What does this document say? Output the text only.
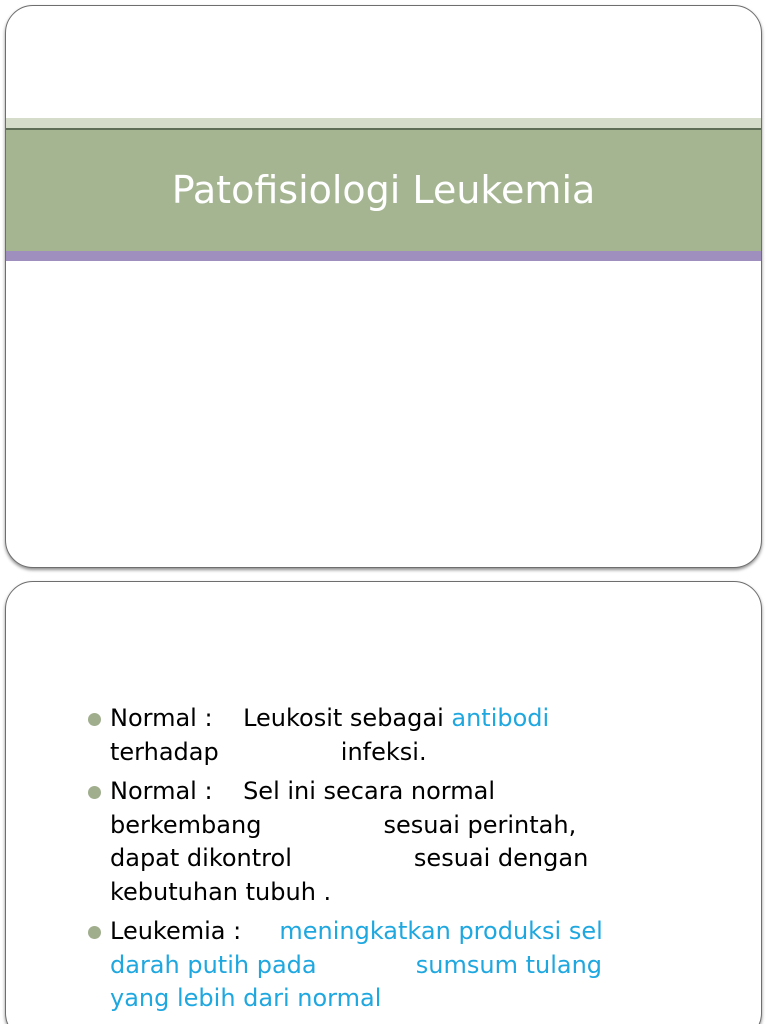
Patofisiologi Leukemia
Normal :    Leukosit sebagai antibodi
terhadap                infeksi.
Normal :    Sel ini secara normal
berkembang                sesuai perintah,
dapat dikontrol                sesuai dengan
kebutuhan tubuh .
Leukemia :     meningkatkan produksi sel
darah putih pada             sumsum tulang
yang lebih dari normal
